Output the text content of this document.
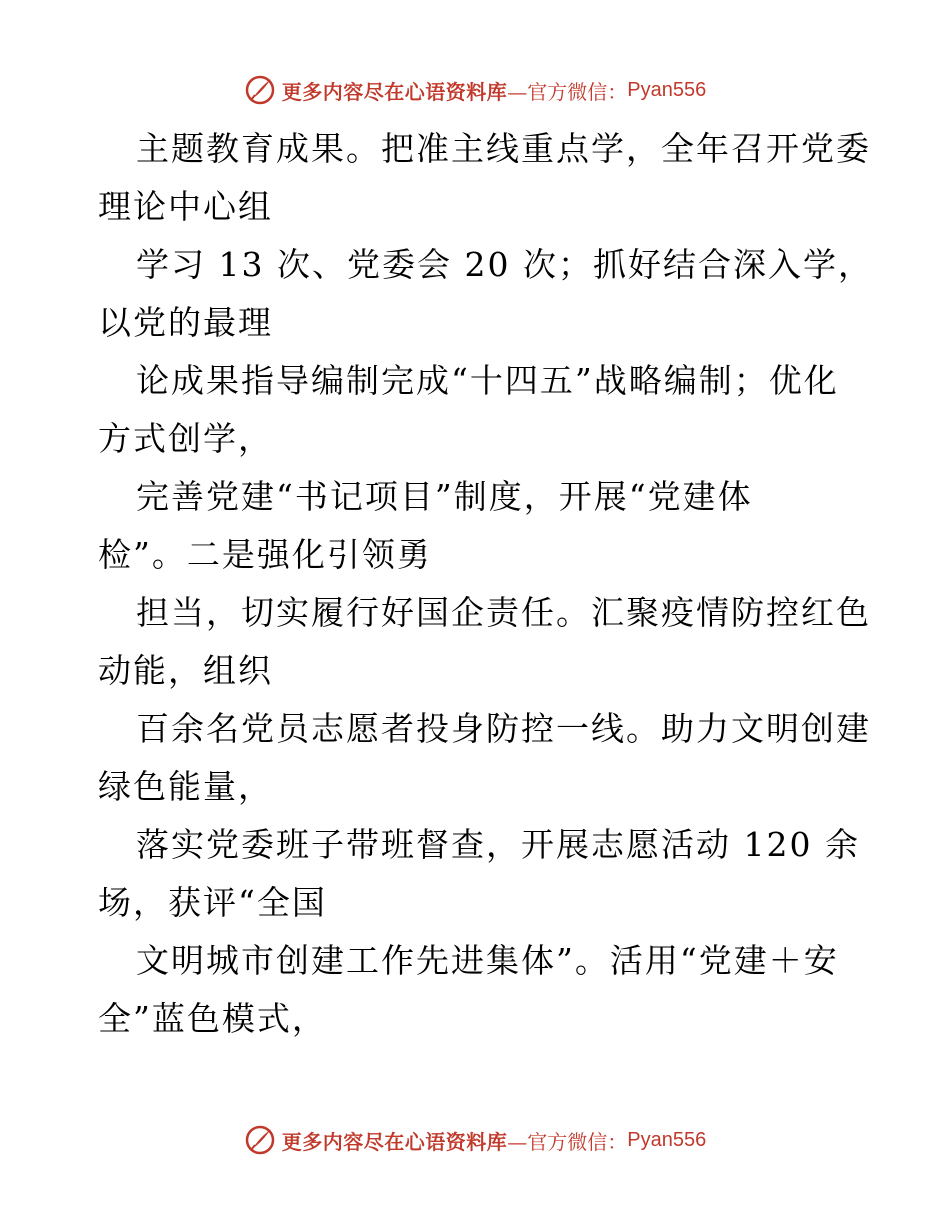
更多内容尽在心语资料库 —官方微信： Pyan556
主题教育成果。把准主线重点学，全年召开党委
理论中心组
学习 13 次、党委会 20 次；抓好结合深入学，
以党的最理
论成果指导编制完成“十四五”战略编制；优化
方式创学，
完善党建“书记项目”制度，开展“党建体
检”。二是强化引领勇
担当，切实履行好国企责任。汇聚疫情防控红色
动能，组织
百余名党员志愿者投身防控一线。助力文明创建
绿色能量，
落实党委班子带班督查，开展志愿活动 120 余
场，获评“全国
文明城市创建工作先进集体”。活用“党建＋安
全”蓝色模式，
更多内容尽在心语资料库 —官方微信： Pyan556
